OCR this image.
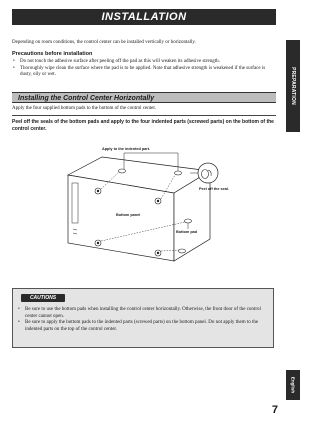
INSTALLATION
PREPARATION
Depending on room conditions, the control center can be installed vertically or horizontally.
Precautions before installation
• Do not touch the adhesive surface after peeling off the pad as this will weaken its adhesive strength.
• Thoroughly wipe clean the surface where the pad is to be applied. Note that adhesive strength is weakened if the surface is dusty, oily or wet.
Installing the Control Center Horizontally
Apply the four supplied bottom pads to the bottom of the control center.
Peel off the seals of the bottom pads and apply to the four indented parts (screwed parts) on the bottom of the control center.
Apply to the indented part.
Peel off the seal.
Bottom pad
Bottom panel
CAUTIONS
• Be sure to use the bottom pads when installing the control center horizontally. Otherwise, the front door of the control center cannot open.
• Be sure to apply the bottom pads to the indented parts (screwed parts) on the bottom panel. Do not apply them to the indented parts on the top of the control center.
English
7
